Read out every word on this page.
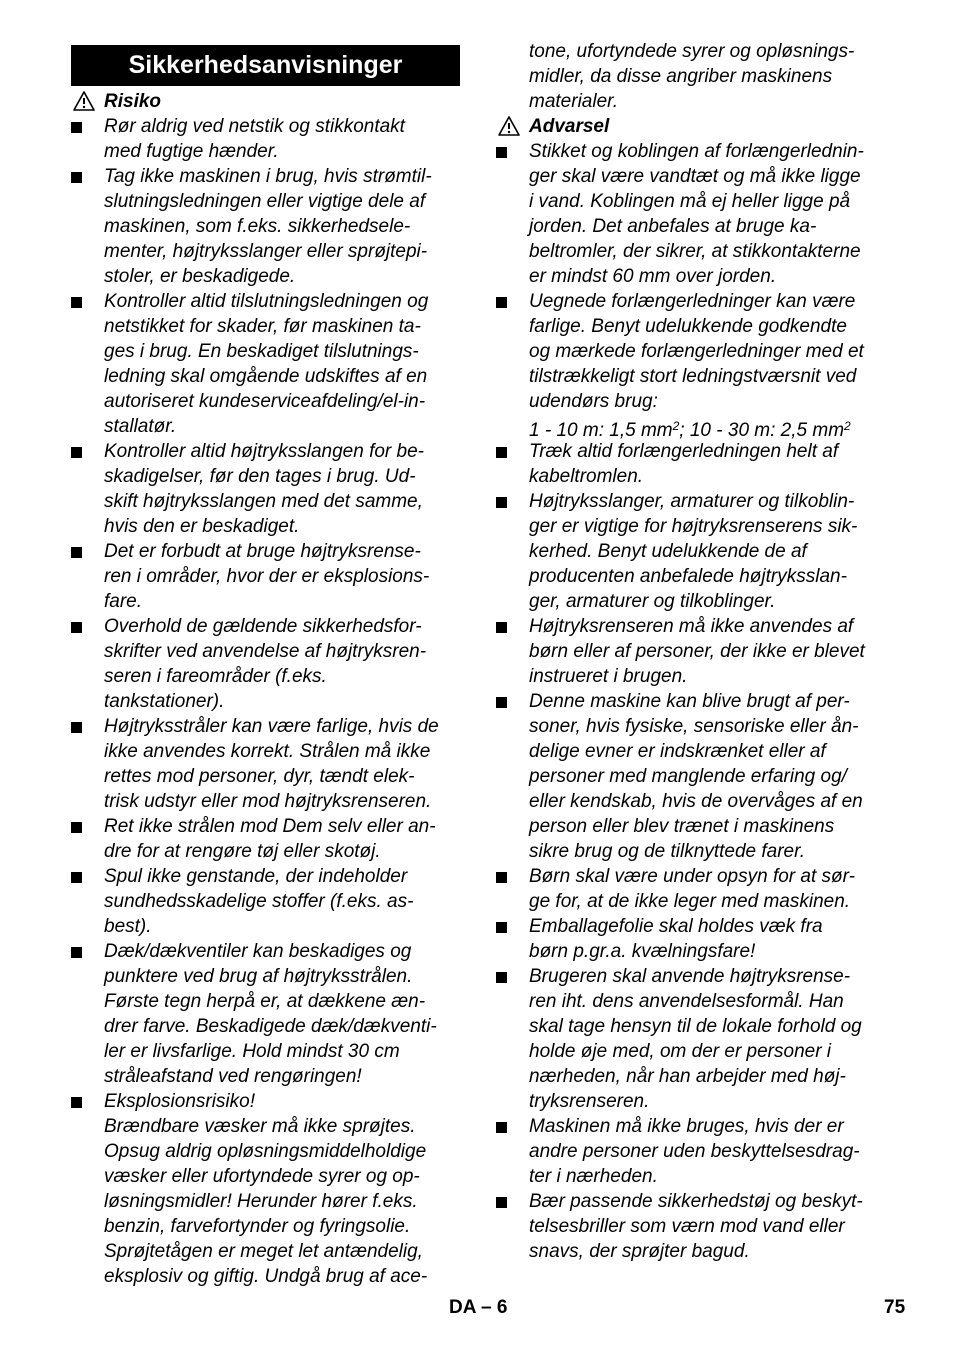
Sikkerhedsanvisninger
Risiko
Rør aldrig ved netstik og stikkontakt
med fugtige hænder.
Tag ikke maskinen i brug, hvis strømtil-
slutningsledningen eller vigtige dele af
maskinen, som f.eks. sikkerhedsele-
menter, højtryksslanger eller sprøjtepi-
stoler, er beskadigede.
Kontroller altid tilslutningsledningen og
netstikket for skader, før maskinen ta-
ges i brug. En beskadiget tilslutnings-
ledning skal omgående udskiftes af en
autoriseret kundeserviceafdeling/el-in-
stallatør.
Kontroller altid højtryksslangen for be-
skadigelser, før den tages i brug. Ud-
skift højtryksslangen med det samme,
hvis den er beskadiget.
Det er forbudt at bruge højtryksrense-
ren i områder, hvor der er eksplosions-
fare.
Overhold de gældende sikkerhedsfor-
skrifter ved anvendelse af højtryksren-
seren i fareområder (f.eks.
tankstationer).
Højtryksstråler kan være farlige, hvis de
ikke anvendes korrekt. Strålen må ikke
rettes mod personer, dyr, tændt elek-
trisk udstyr eller mod højtryksrenseren.
Ret ikke strålen mod Dem selv eller an-
dre for at rengøre tøj eller skotøj.
Spul ikke genstande, der indeholder
sundhedsskadelige stoffer (f.eks. as-
best).
Dæk/dækventiler kan beskadiges og
punktere ved brug af højtryksstrålen.
Første tegn herpå er, at dækkene æn-
drer farve. Beskadigede dæk/dækventi-
ler er livsfarlige. Hold mindst 30 cm
stråleafstand ved rengøringen!
Eksplosionsrisiko!
Brændbare væsker må ikke sprøjtes.
Opsug aldrig opløsningsmiddelholdige
væsker eller ufortyndede syrer og op-
løsningsmidler! Herunder hører f.eks.
benzin, farvefortynder og fyringsolie.
Sprøjtetågen er meget let antændelig,
eksplosiv og giftig. Undgå brug af ace-
tone, ufortyndede syrer og opløsnings-
midler, da disse angriber maskinens
materialer.
Advarsel
Stikket og koblingen af forlængerlednin-
ger skal være vandtæt og må ikke ligge
i vand. Koblingen må ej heller ligge på
jorden. Det anbefales at bruge ka-
beltromler, der sikrer, at stikkontakterne
er mindst 60 mm over jorden.
Uegnede forlængerledninger kan være
farlige. Benyt udelukkende godkendte
og mærkede forlængerledninger med et
tilstrækkeligt stort ledningstværsnit ved
udendørs brug:
1 - 10 m: 1,5 $mm^2$; 10 - 30 m: 2,5 $mm^2$
Træk altid forlængerledningen helt af
kabeltromlen.
Højtryksslanger, armaturer og tilkoblin-
ger er vigtige for højtryksrenserens sik-
kerhed. Benyt udelukkende de af
producenten anbefalede højtryksslan-
ger, armaturer og tilkoblinger.
Højtryksrenseren må ikke anvendes af
børn eller af personer, der ikke er blevet
instrueret i brugen.
Denne maskine kan blive brugt af per-
soner, hvis fysiske, sensoriske eller ån-
delige evner er indskrænket eller af
personer med manglende erfaring og/
eller kendskab, hvis de overvåges af en
person eller blev trænet i maskinens
sikre brug og de tilknyttede farer.
Børn skal være under opsyn for at sør-
ge for, at de ikke leger med maskinen.
Emballagefolie skal holdes væk fra
børn p.gr.a. kvælningsfare!
Brugeren skal anvende højtryksrense-
ren iht. dens anvendelsesformål. Han
skal tage hensyn til de lokale forhold og
holde øje med, om der er personer i
nærheden, når han arbejder med høj-
tryksrenseren.
Maskinen må ikke bruges, hvis der er
andre personer uden beskyttelsesdrag-
ter i nærheden.
Bær passende sikkerhedstøj og beskyt-
telsesbriller som værn mod vand eller
snavs, der sprøjter bagud.
DA – 6	75
